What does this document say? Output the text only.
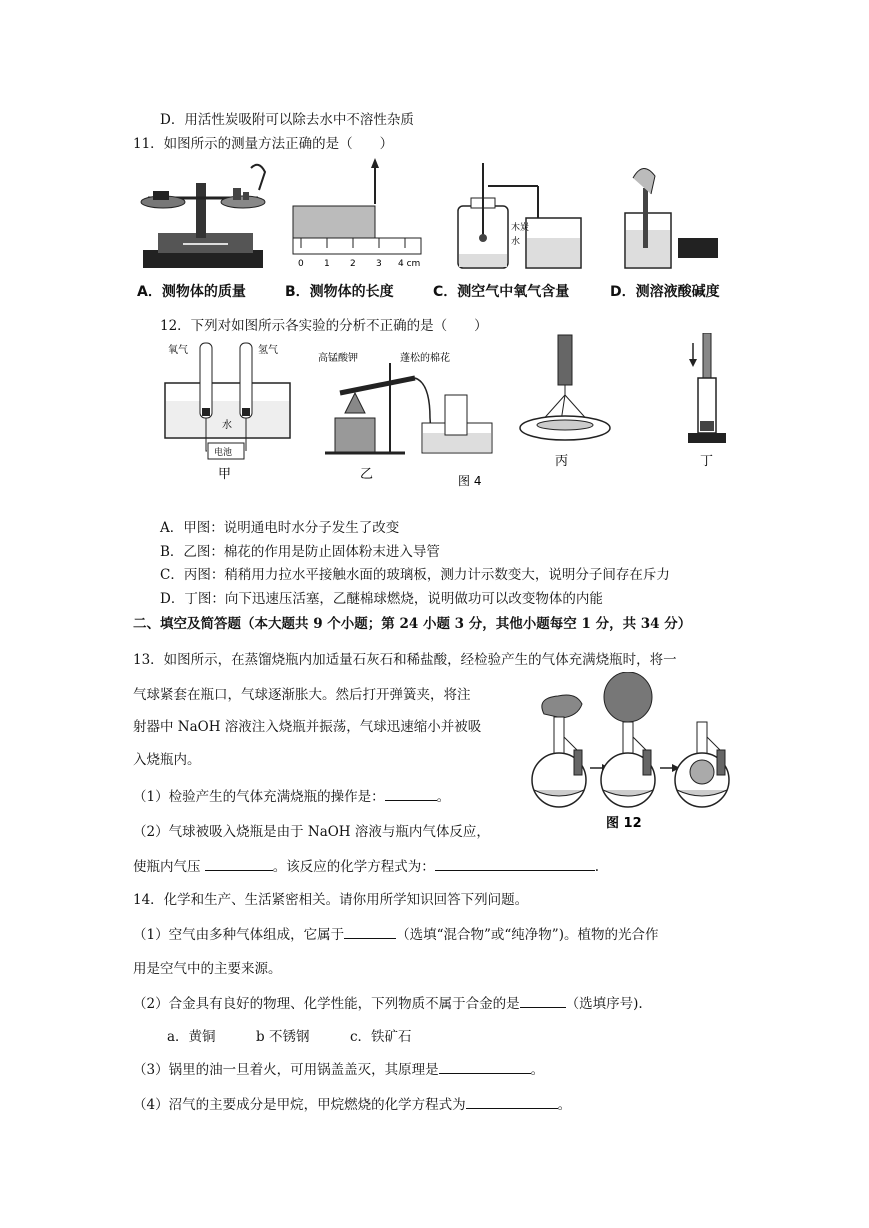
D．用活性炭吸附可以除去水中不溶性杂质
11．如图所示的测量方法正确的是（　　）
0 1 2 3 4 cm
木炭
水
A．测物体的质量	B．测物体的长度	C．测空气中氧气含量	D．测溶液酸碱度
12．下列对如图所示各实验的分析不正确的是（　　）
氧气	氢气
水
电池
甲
高锰酸钾	蓬松的棉花
乙	图 4
丙	丁
A．甲图：说明通电时水分子发生了改变
B．乙图：棉花的作用是防止固体粉末进入导管
C．丙图：稍稍用力拉水平接触水面的玻璃板，测力计示数变大，说明分子间存在斥力
D．丁图：向下迅速压活塞，乙醚棉球燃烧，说明做功可以改变物体的内能
二、填空及简答题（本大题共 9 个小题；第 24 小题 3 分，其他小题每空 1 分，共 34 分）
13．如图所示，在蒸馏烧瓶内加适量石灰石和稀盐酸，经检验产生的气体充满烧瓶时，将一
气球紧套在瓶口，气球逐渐胀大。然后打开弹簧夹，将注
射器中 NaOH 溶液注入烧瓶并振荡，气球迅速缩小并被吸
入烧瓶内。
（1）检验产生的气体充满烧瓶的操作是：	。
（2）气球被吸入烧瓶是由于 NaOH 溶液与瓶内气体反应，
使瓶内气压	。该反应的化学方程式为：	.
图 12
14．化学和生产、生活紧密相关。请你用所学知识回答下列问题。
（1）空气由多种气体组成，它属于	（选填“混合物”或“纯净物”)。植物的光合作
用是空气中的主要来源。
（2）合金具有良好的物理、化学性能，下列物质不属于合金的是	（选填序号).
a．黄铜　　　b 不锈钢　　　c．铁矿石
（3）锅里的油一旦着火，可用锅盖盖灭，其原理是	。
（4）沼气的主要成分是甲烷，甲烷燃烧的化学方程式为	。
